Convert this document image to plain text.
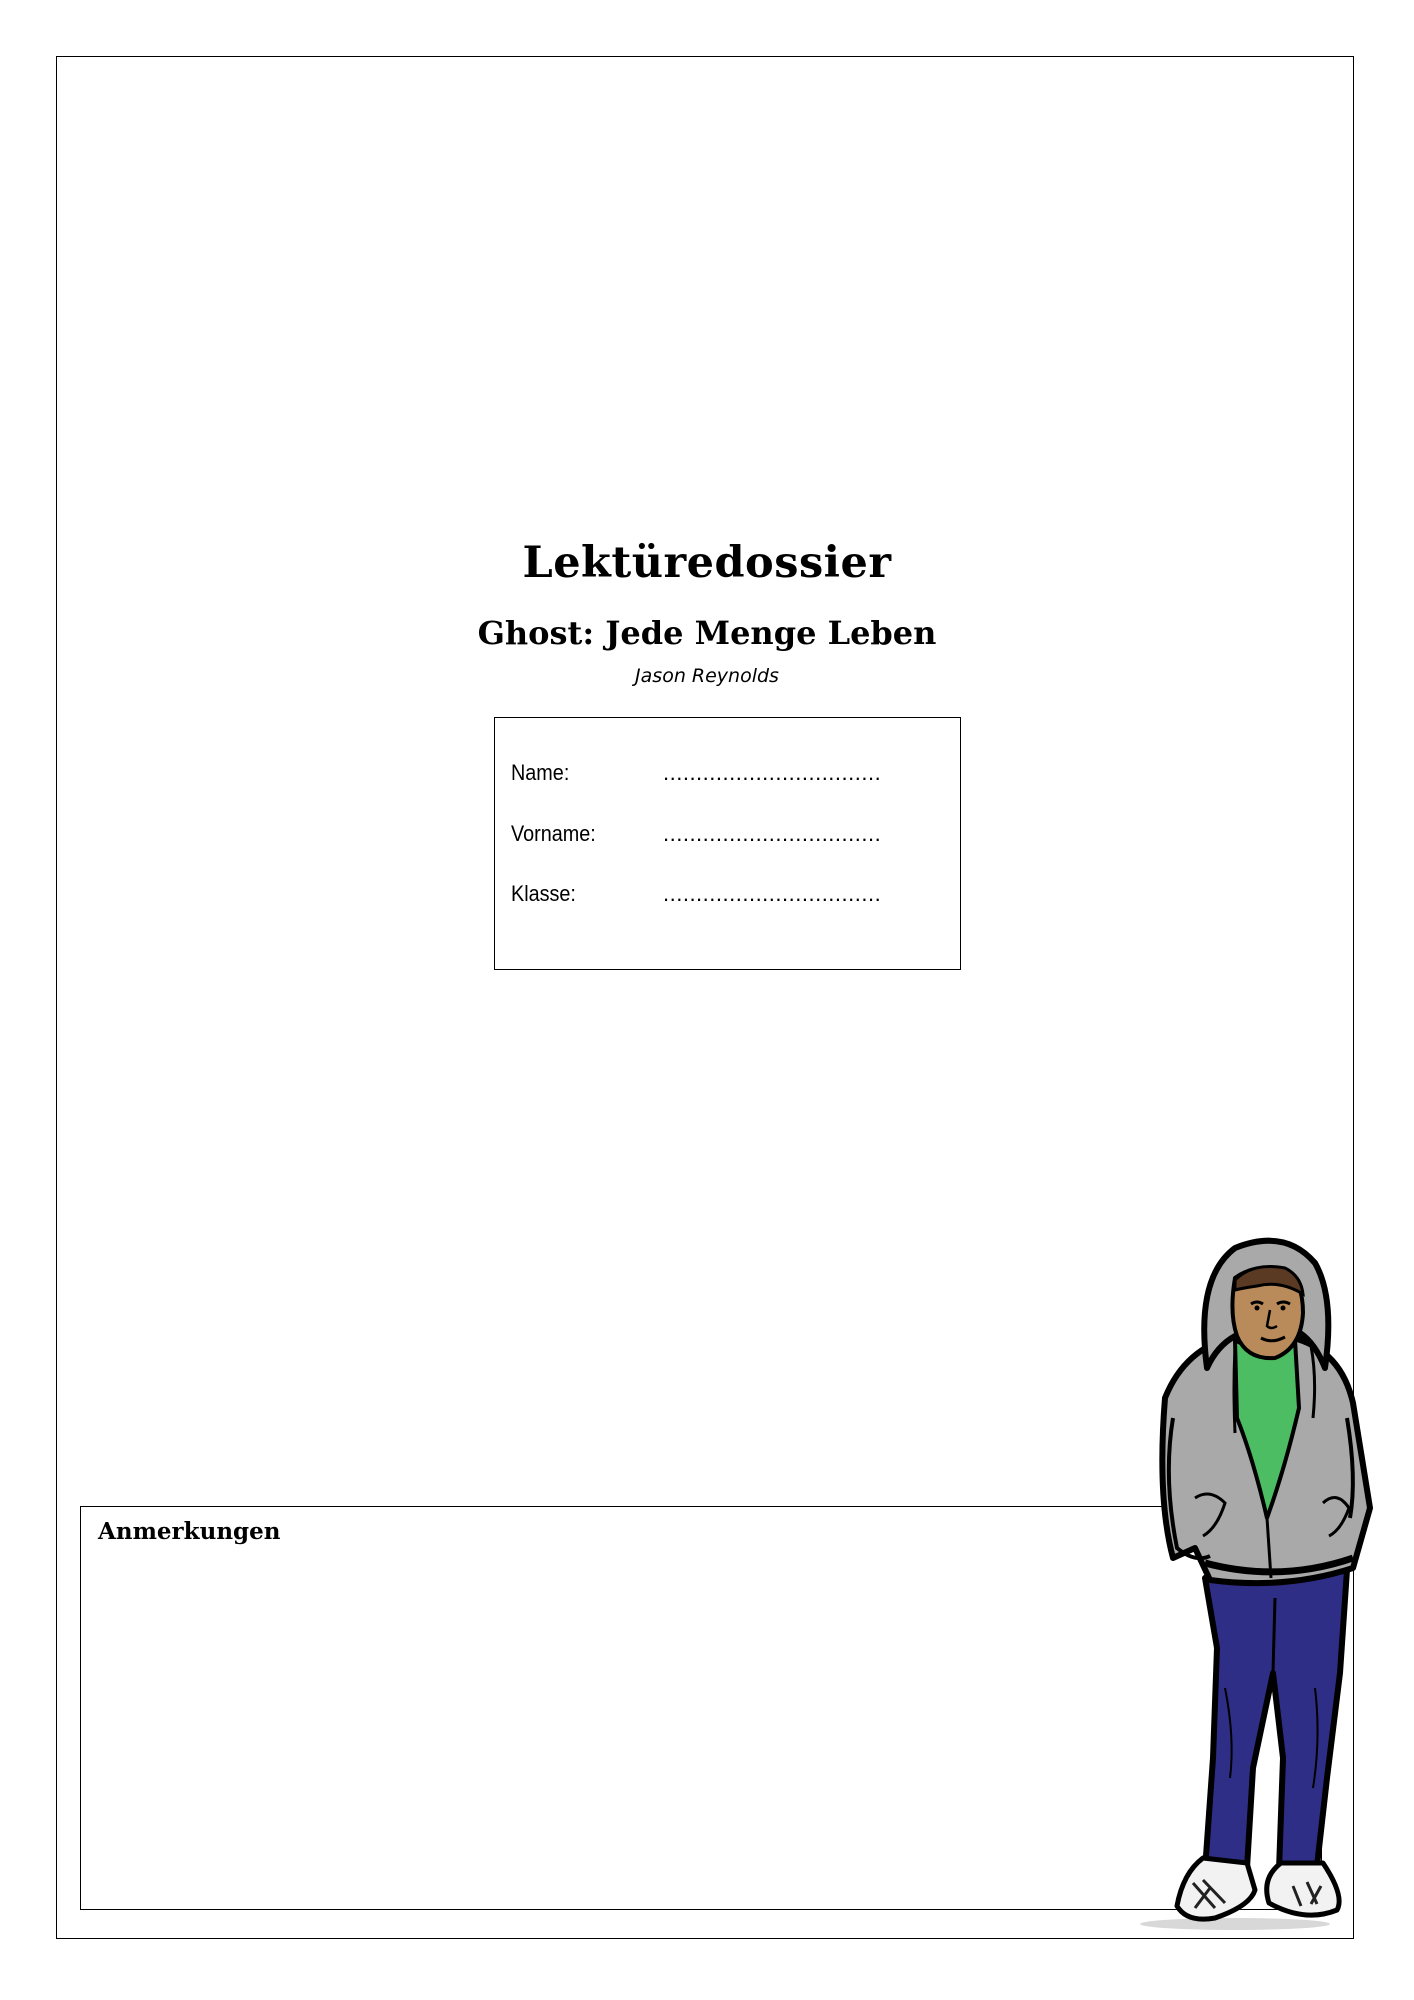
Lektüredossier
Ghost: Jede Menge Leben

Jason Reynolds

Name:	.................................
Vorname:	.................................
Klasse:	.................................
Anmerkungen
